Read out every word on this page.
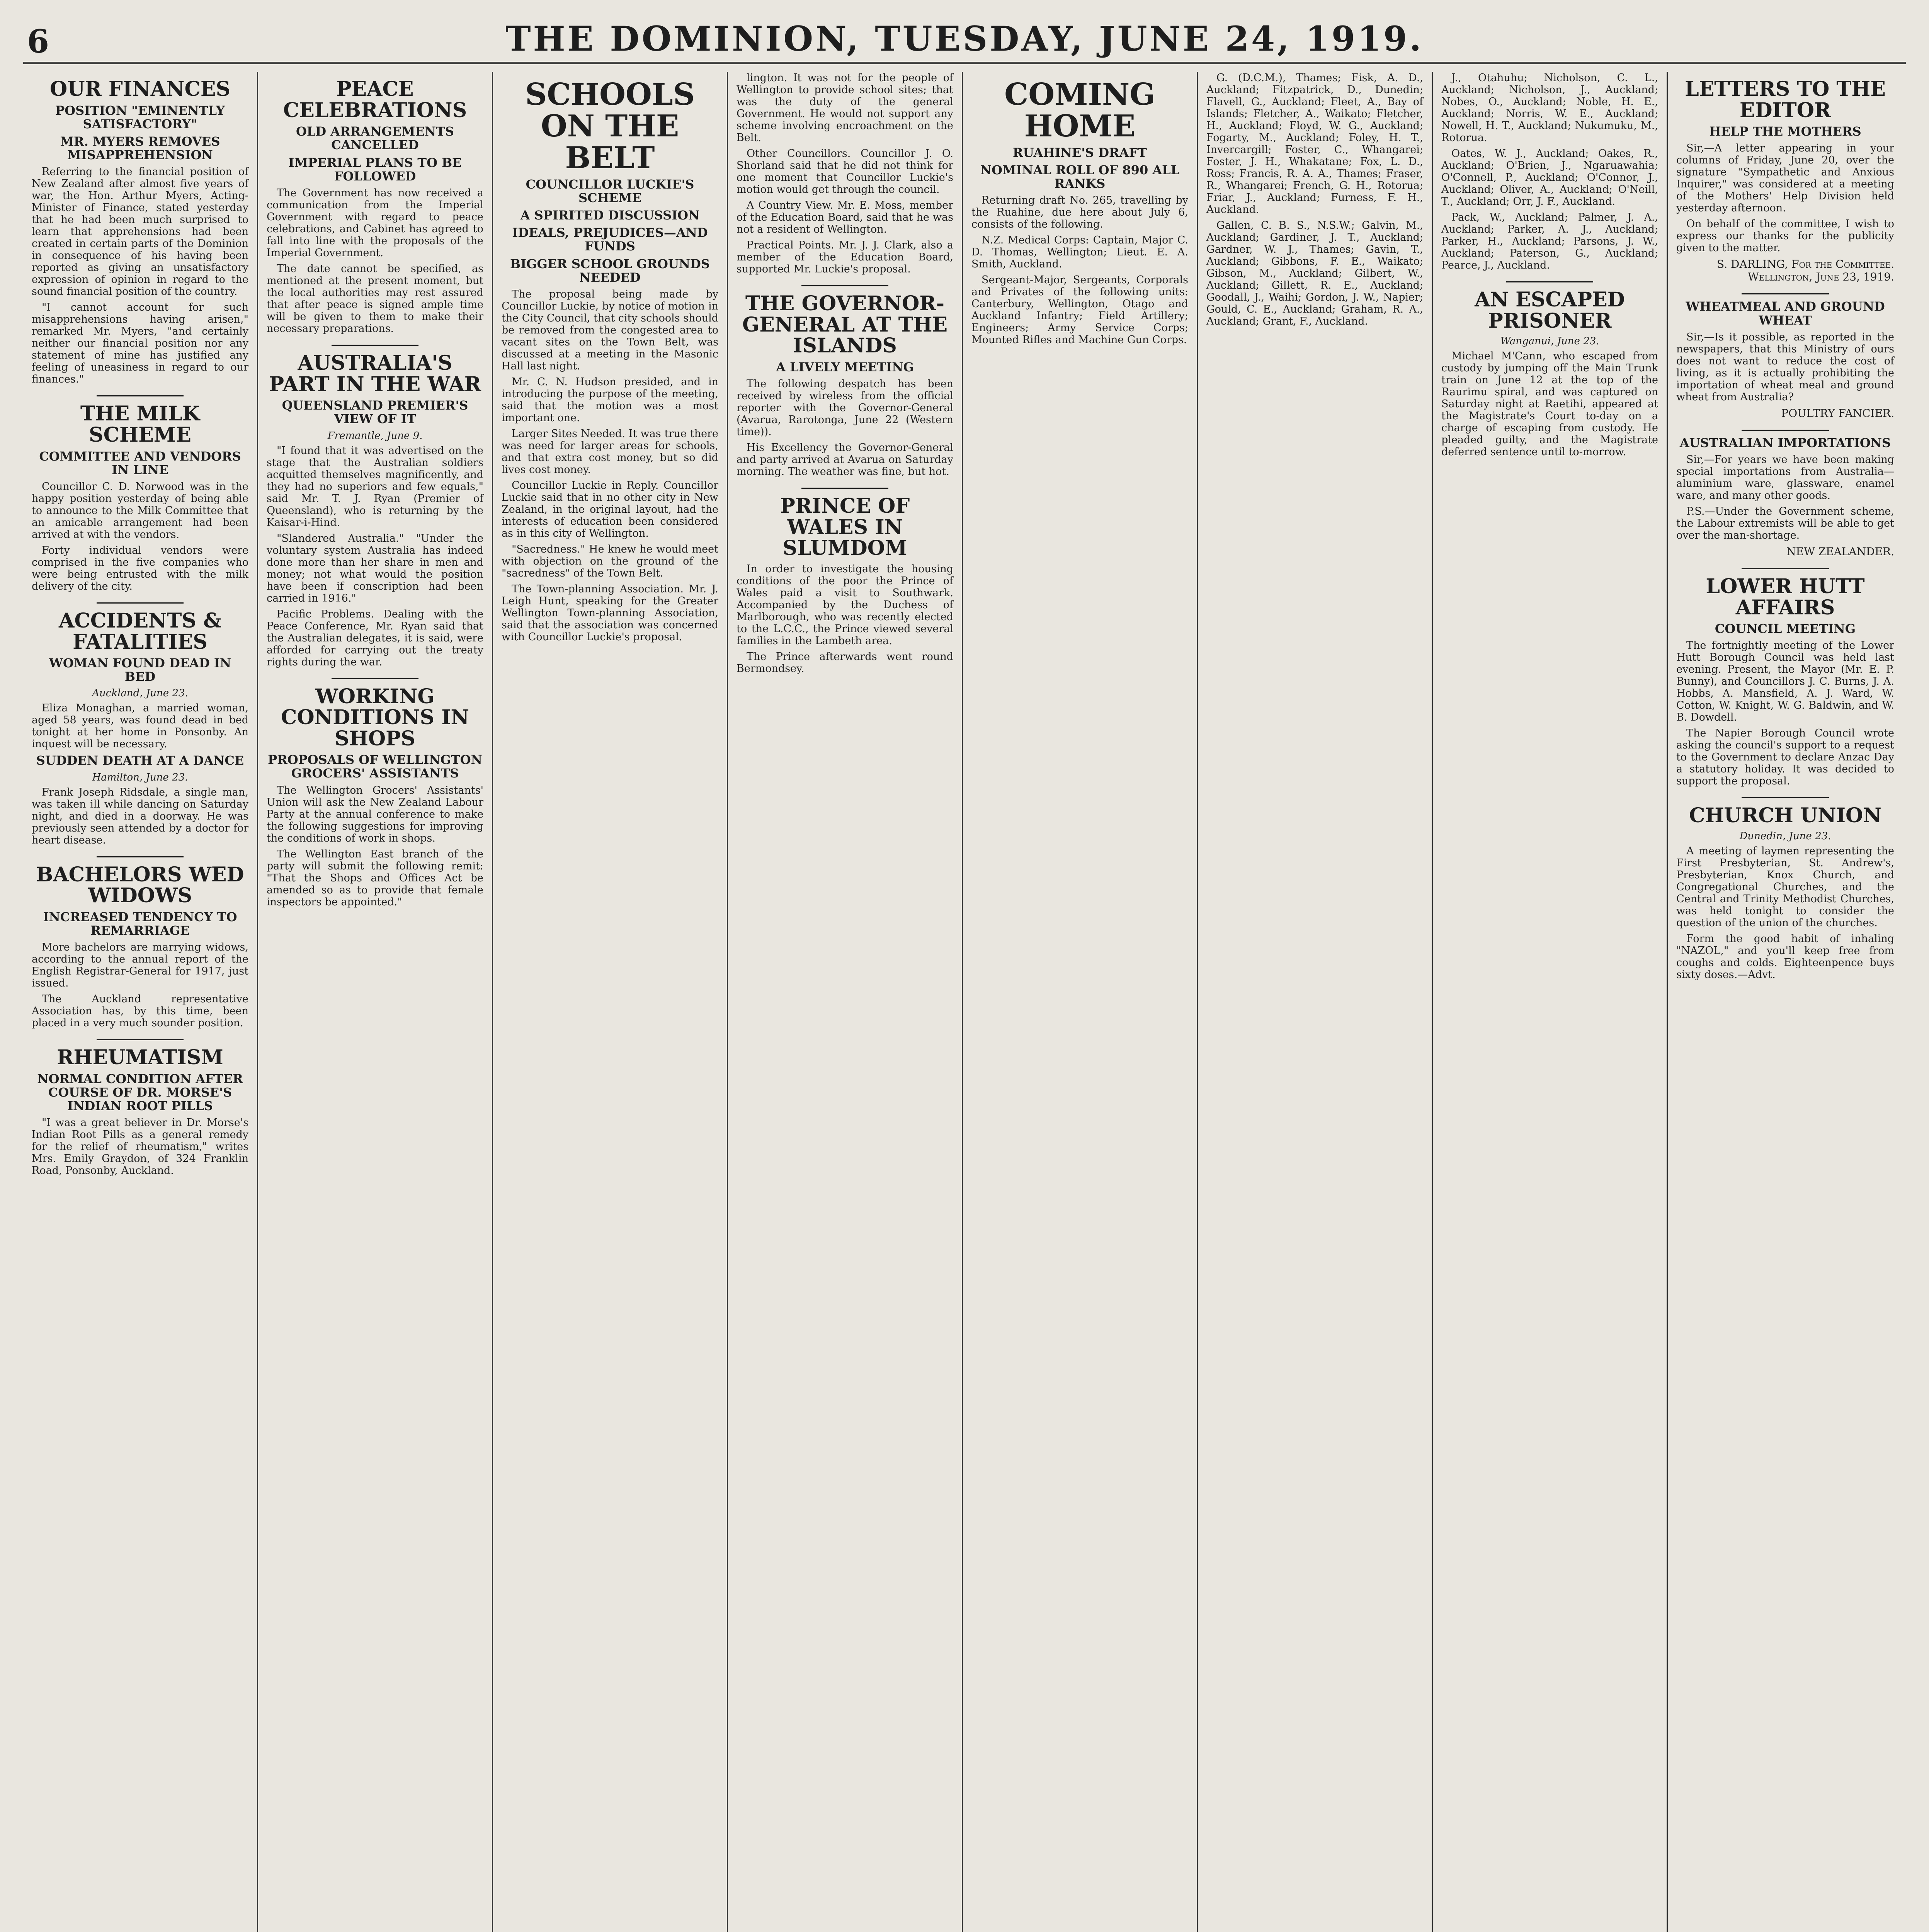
6	THE DOMINION, TUESDAY, JUNE 24, 1919.
OUR FINANCES
POSITION "EMINENTLY SATISFACTORY"
MR. MYERS REMOVES MISAPPREHENSION

Referring to the financial position of New Zealand after almost five years of war, the Hon. Arthur Myers, Acting-Minister of Finance, stated yesterday that he had been much surprised to learn that apprehensions had been created in certain parts of the Dominion in consequence of his having been reported as giving an unsatisfactory expression of opinion in regard to the sound financial position of the country.

"I cannot account for such misapprehensions having arisen," remarked Mr. Myers, "and certainly neither our financial position nor any statement of mine has justified any feeling of uneasiness in regard to our finances."

THE MILK SCHEME
COMMITTEE AND VENDORS IN LINE

Councillor C. D. Norwood was in the happy position yesterday of being able to announce to the Milk Committee that an amicable arrangement had been arrived at with the vendors.

Forty individual vendors were comprised in the five companies who were being entrusted with the milk delivery of the city.

ACCIDENTS & FATALITIES
WOMAN FOUND DEAD IN BED
Auckland, June 23.

Eliza Monaghan, a married woman, aged 58 years, was found dead in bed tonight at her home in Ponsonby. An inquest will be necessary.

SUDDEN DEATH AT A DANCE
Hamilton, June 23.

Frank Joseph Ridsdale, a single man, was taken ill while dancing on Saturday night, and died in a doorway. He was previously seen attended by a doctor for heart disease.

BACHELORS WED WIDOWS
INCREASED TENDENCY TO REMARRIAGE

More bachelors are marrying widows, according to the annual report of the English Registrar-General for 1917, just issued.

The Auckland representative Association has, by this time, been placed in a very much sounder position.

RHEUMATISM
NORMAL CONDITION AFTER COURSE OF DR. MORSE'S INDIAN ROOT PILLS

"I was a great believer in Dr. Morse's Indian Root Pills as a general remedy for the relief of rheumatism," writes Mrs. Emily Graydon, of 324 Franklin Road, Ponsonby, Auckland.

PEACE CELEBRATIONS
OLD ARRANGEMENTS CANCELLED
IMPERIAL PLANS TO BE FOLLOWED

The Government has now received a communication from the Imperial Government with regard to peace celebrations, and Cabinet has agreed to fall into line with the proposals of the Imperial Government.

The date cannot be specified, as mentioned at the present moment, but the local authorities may rest assured that after peace is signed ample time will be given to them to make their necessary preparations.

AUSTRALIA'S PART IN THE WAR
QUEENSLAND PREMIER'S VIEW OF IT
Fremantle, June 9.

"I found that it was advertised on the stage that the Australian soldiers acquitted themselves magnificently, and they had no superiors and few equals," said Mr. T. J. Ryan (Premier of Queensland), who is returning by the Kaisar-i-Hind.

"Slandered Australia." "Under the voluntary system Australia has indeed done more than her share in men and money; not what would the position have been if conscription had been carried in 1916."

Pacific Problems. Dealing with the Peace Conference, Mr. Ryan said that the Australian delegates, it is said, were afforded for carrying out the treaty rights during the war.

WORKING CONDITIONS IN SHOPS
PROPOSALS OF WELLINGTON GROCERS' ASSISTANTS

The Wellington Grocers' Assistants' Union will ask the New Zealand Labour Party at the annual conference to make the following suggestions for improving the conditions of work in shops.

The Wellington East branch of the party will submit the following remit: "That the Shops and Offices Act be amended so as to provide that female inspectors be appointed."

SCHOOLS ON THE BELT
COUNCILLOR LUCKIE'S SCHEME
A SPIRITED DISCUSSION
IDEALS, PREJUDICES—AND FUNDS
BIGGER SCHOOL GROUNDS NEEDED

The proposal being made by Councillor Luckie, by notice of motion in the City Council, that city schools should be removed from the congested area to vacant sites on the Town Belt, was discussed at a meeting in the Masonic Hall last night.

Mr. C. N. Hudson presided, and in introducing the purpose of the meeting, said that the motion was a most important one.

Larger Sites Needed. It was true there was need for larger areas for schools, and that extra cost money, but so did lives cost money.

Councillor Luckie in Reply. Councillor Luckie said that in no other city in New Zealand, in the original layout, had the interests of education been considered as in this city of Wellington.

"Sacredness." He knew he would meet with objection on the ground of the "sacredness" of the Town Belt.

The Town-planning Association. Mr. J. Leigh Hunt, speaking for the Greater Wellington Town-planning Association, said that the association was concerned with Councillor Luckie's proposal.

lington. It was not for the people of Wellington to provide school sites; that was the duty of the general Government. He would not support any scheme involving encroachment on the Belt.

Other Councillors. Councillor J. O. Shorland said that he did not think for one moment that Councillor Luckie's motion would get through the council.

A Country View. Mr. E. Moss, member of the Education Board, said that he was not a resident of Wellington.

Practical Points. Mr. J. J. Clark, also a member of the Education Board, supported Mr. Luckie's proposal.

THE GOVERNOR-GENERAL AT THE ISLANDS
A LIVELY MEETING

The following despatch has been received by wireless from the official reporter with the Governor-General (Avarua, Rarotonga, June 22 (Western time)).

His Excellency the Governor-General and party arrived at Avarua on Saturday morning. The weather was fine, but hot.

PRINCE OF WALES IN SLUMDOM

In order to investigate the housing conditions of the poor the Prince of Wales paid a visit to Southwark. Accompanied by the Duchess of Marlborough, who was recently elected to the L.C.C., the Prince viewed several families in the Lambeth area.

The Prince afterwards went round Bermondsey.

COMING HOME
RUAHINE'S DRAFT
NOMINAL ROLL OF 890 ALL RANKS

Returning draft No. 265, travelling by the Ruahine, due here about July 6, consists of the following.

N.Z. Medical Corps: Captain, Major C. D. Thomas, Wellington; Lieut. E. A. Smith, Auckland.

Sergeant-Major, Sergeants, Corporals and Privates of the following units: Canterbury, Wellington, Otago and Auckland Infantry; Field Artillery; Engineers; Army Service Corps; Mounted Rifles and Machine Gun Corps.

G. (D.C.M.), Thames; Fisk, A. D., Auckland; Fitzpatrick, D., Dunedin; Flavell, G., Auckland; Fleet, A., Bay of Islands; Fletcher, A., Waikato; Fletcher, H., Auckland; Floyd, W. G., Auckland; Fogarty, M., Auckland; Foley, H. T., Invercargill; Foster, C., Whangarei; Foster, J. H., Whakatane; Fox, L. D., Ross; Francis, R. A. A., Thames; Fraser, R., Whangarei; French, G. H., Rotorua; Friar, J., Auckland; Furness, F. H., Auckland.

Gallen, C. B. S., N.S.W.; Galvin, M., Auckland; Gardiner, J. T., Auckland; Gardner, W. J., Thames; Gavin, T., Auckland; Gibbons, F. E., Waikato; Gibson, M., Auckland; Gilbert, W., Auckland; Gillett, R. E., Auckland; Goodall, J., Waihi; Gordon, J. W., Napier; Gould, C. E., Auckland; Graham, R. A., Auckland; Grant, F., Auckland.

J., Otahuhu; Nicholson, C. L., Auckland; Nicholson, J., Auckland; Nobes, O., Auckland; Noble, H. E., Auckland; Norris, W. E., Auckland; Nowell, H. T., Auckland; Nukumuku, M., Rotorua.

Oates, W. J., Auckland; Oakes, R., Auckland; O'Brien, J., Ngaruawahia; O'Connell, P., Auckland; O'Connor, J., Auckland; Oliver, A., Auckland; O'Neill, T., Auckland; Orr, J. F., Auckland.

Pack, W., Auckland; Palmer, J. A., Auckland; Parker, A. J., Auckland; Parker, H., Auckland; Parsons, J. W., Auckland; Paterson, G., Auckland; Pearce, J., Auckland.

AN ESCAPED PRISONER
Wanganui, June 23.

Michael M'Cann, who escaped from custody by jumping off the Main Trunk train on June 12 at the top of the Raurimu spiral, and was captured on Saturday night at Raetihi, appeared at the Magistrate's Court to-day on a charge of escaping from custody. He pleaded guilty, and the Magistrate deferred sentence until to-morrow.

LETTERS TO THE EDITOR
HELP THE MOTHERS

Sir,—A letter appearing in your columns of Friday, June 20, over the signature "Sympathetic and Anxious Inquirer," was considered at a meeting of the Mothers' Help Division held yesterday afternoon.

On behalf of the committee, I wish to express our thanks for the publicity given to the matter.

S. DARLING, For the Committee. Wellington, June 23, 1919.
WHEATMEAL AND GROUND WHEAT

Sir,—Is it possible, as reported in the newspapers, that this Ministry of ours does not want to reduce the cost of living, as it is actually prohibiting the importation of wheat meal and ground wheat from Australia?

POULTRY FANCIER.
AUSTRALIAN IMPORTATIONS

Sir,—For years we have been making special importations from Australia—aluminium ware, glassware, enamel ware, and many other goods.

P.S.—Under the Government scheme, the Labour extremists will be able to get over the man-shortage.

NEW ZEALANDER.
LOWER HUTT AFFAIRS
COUNCIL MEETING

The fortnightly meeting of the Lower Hutt Borough Council was held last evening. Present, the Mayor (Mr. E. P. Bunny), and Councillors J. C. Burns, J. A. Hobbs, A. Mansfield, A. J. Ward, W. Cotton, W. Knight, W. G. Baldwin, and W. B. Dowdell.

The Napier Borough Council wrote asking the council's support to a request to the Government to declare Anzac Day a statutory holiday. It was decided to support the proposal.

CHURCH UNION
Dunedin, June 23.

A meeting of laymen representing the First Presbyterian, St. Andrew's, Presbyterian, Knox Church, and Congregational Churches, and the Central and Trinity Methodist Churches, was held tonight to consider the question of the union of the churches.

Form the good habit of inhaling "NAZOL," and you'll keep free from coughs and colds. Eighteenpence buys sixty doses.—Advt.
